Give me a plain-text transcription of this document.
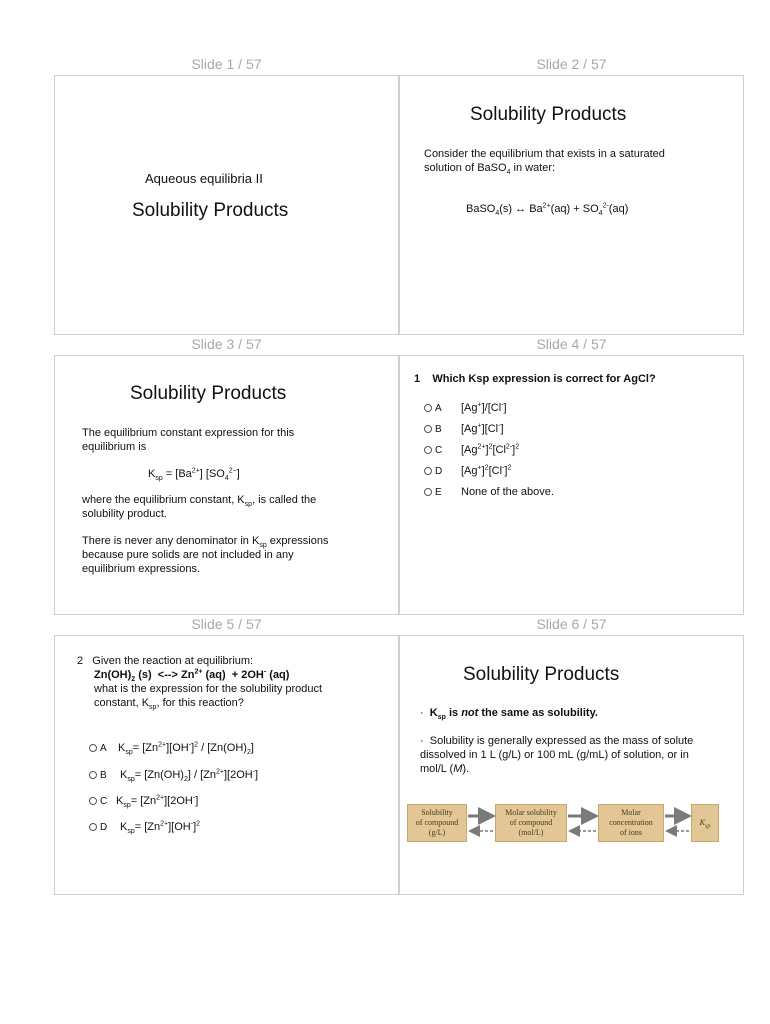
Slide 1 / 57
Aqueous equilibria II
Solubility Products
Slide 2 / 57
Solubility Products
Consider the equilibrium that exists in a saturated
solution of BaSO$_4$ in water:
BaSO$_4$(s) ↔ $Ba^{2+}(aq) + SO_4^{2-}(aq)$
Slide 3 / 57
Solubility Products
The equilibrium constant expression for this
equilibrium is
$K_{sp} = [Ba^{2+}]$ $[SO_4^{2-}]$
where the equilibrium constant, $K_{sp}$, is called the
solubility product.
There is never any denominator in $K_{sp}$ expressions
because pure solids are not included in any
equilibrium expressions.
Slide 4 / 57
1 Which Ksp expression is correct for AgCl?
A	[Ag+]/[Cl-]
B	[Ag+][Cl-]
C	$[Ag^{2+}]^2[Cl^{2-}]^2$
D	$[Ag^+]^2[Cl^-]^2$
E	None of the above.
Slide 5 / 57
2 Given the reaction at equilibrium:
$Zn(OH)_2$ (s)  <--> $Zn^{2+}$ (aq)  + 2OH- (aq)
what is the expression for the solubility product
constant, $K_{sp}$, for this reaction?
A	$K_{sp}= [Zn^{2+}][OH^-]^2 / [Zn(OH)_2]$
B	$K_{sp}= [Zn(OH)_2] / [Zn^{2+}][2OH^-]$
C $K_{sp}= [Zn^{2+}][2OH^-]$
D	$K_{sp}= [Zn^{2+}][OH^-]^2$
Slide 6 / 57
Solubility Products
·  $K_{sp}$ is not the same as solubility.
·  Solubility is generally expressed as the mass of solute
dissolved in 1 L (g/L) or 100 mL (g/mL) of solution, or in
mol/L (M).
Solubility
of compound
(g/L)
Molar solubility
of compound
(mol/L)
Molar
concentration
of ions
$K_{sp}$
